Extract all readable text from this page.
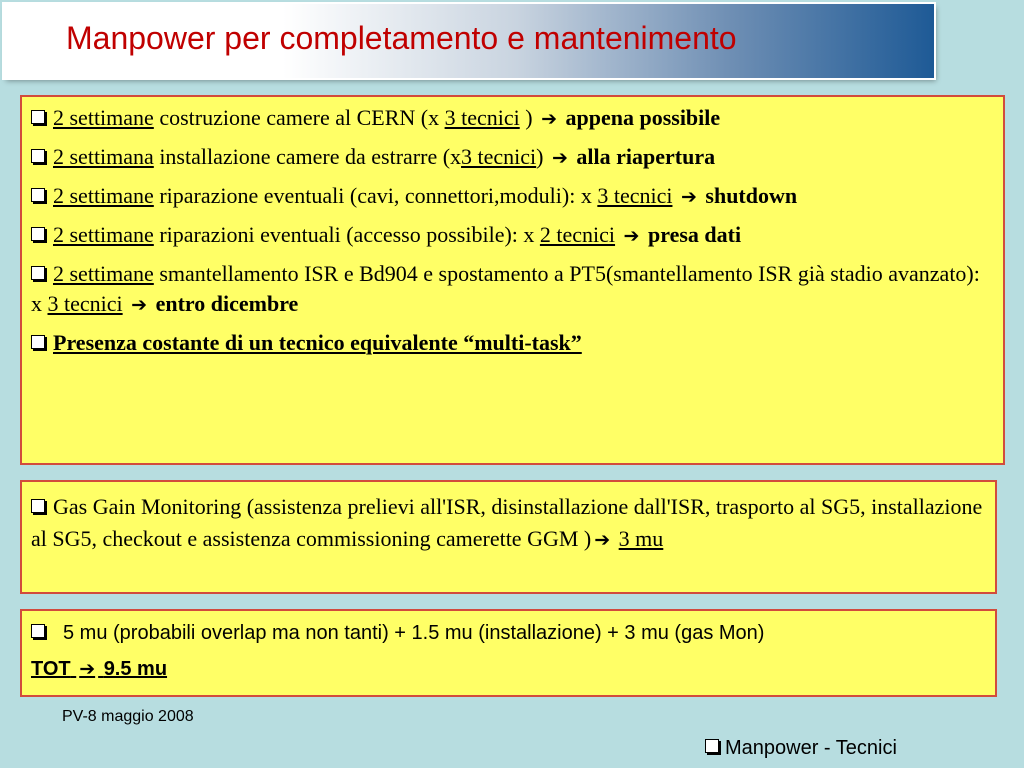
Manpower per completamento e mantenimento
2 settimane costruzione camere al CERN (x 3 tecnici ) ➔ appena possibile
2 settimana installazione camere da estrarre (x3 tecnici) ➔ alla riapertura
2 settimane riparazione eventuali (cavi, connettori,moduli): x 3 tecnici ➔ shutdown
2 settimane riparazioni eventuali (accesso possibile): x 2 tecnici ➔ presa dati
2 settimane smantellamento ISR e Bd904 e spostamento a PT5(smantellamento ISR già stadio avanzato): x 3 tecnici ➔ entro dicembre
Presenza costante di un tecnico equivalente “multi-task”
Gas Gain Monitoring (assistenza prelievi all'ISR, disinstallazione dall'ISR, trasporto al SG5, installazione al SG5, checkout e assistenza commissioning camerette GGM ) ➔ 3 mu
5 mu (probabili overlap ma non tanti) + 1.5 mu (installazione) + 3 mu (gas Mon)
TOT ➔ 9.5 mu
PV-8 maggio 2008
Manpower - Tecnici
